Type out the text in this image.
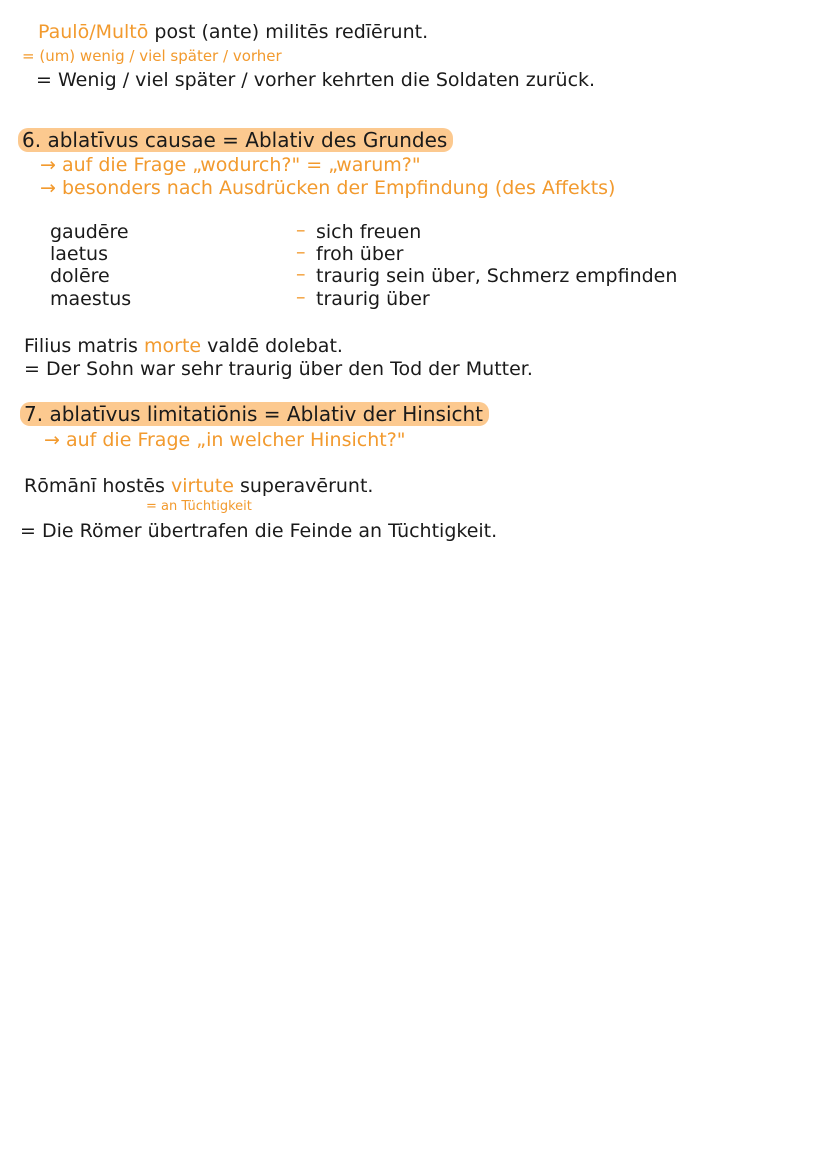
Paulō/Multō post (ante) militēs redīērunt.
= (um) wenig / viel später / vorher
= Wenig / viel später / vorher kehrten die Soldaten zurück.
6. ablatīvus causae = Ablativ des Grundes
→ auf die Frage „wodurch?" = „warum?"
→ besonders nach Ausdrücken der Empfindung (des Affekts)
gaudēre	– sich freuen
laetus	– froh über
dolēre	– traurig sein über, Schmerz empfinden
maestus	– traurig über
Filius matris morte valdē dolebat.
= Der Sohn war sehr traurig über den Tod der Mutter.
7. ablatīvus limitatiōnis = Ablativ der Hinsicht
→ auf die Frage „in welcher Hinsicht?"
Rōmānī hostēs virtute superavērunt.
= an Tüchtigkeit
= Die Römer übertrafen die Feinde an Tüchtigkeit.
